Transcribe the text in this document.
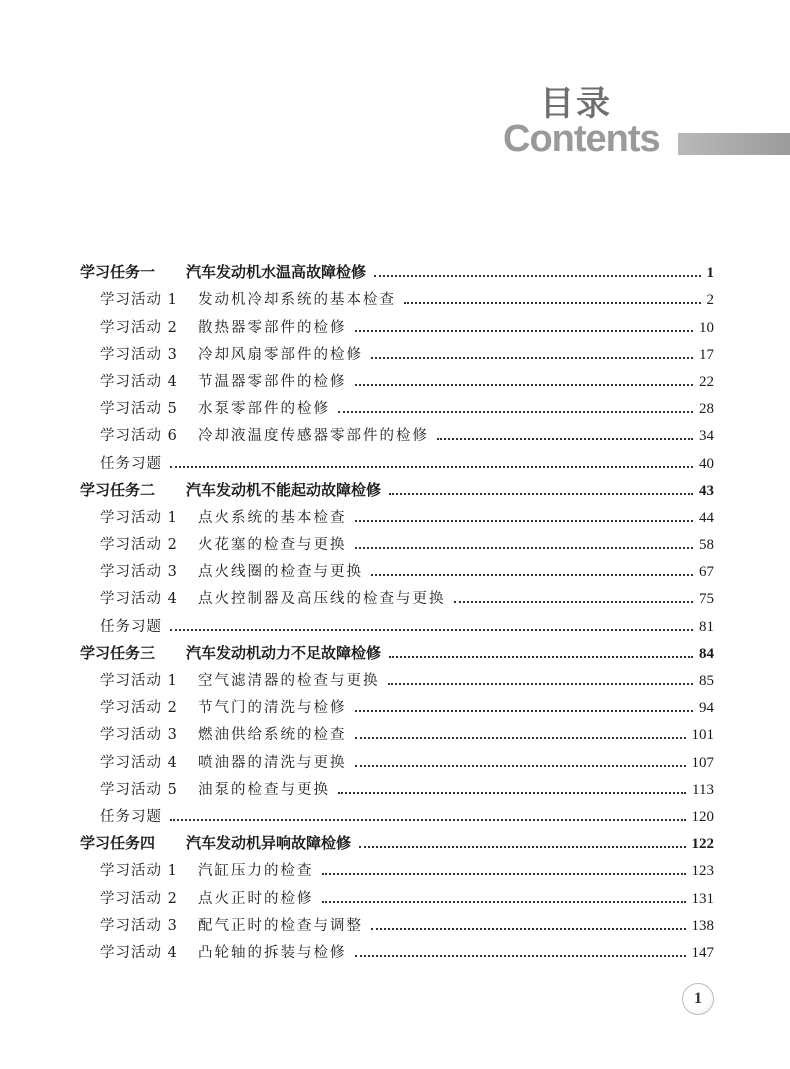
目录
Contents
学习任务一	汽车发动机水温高故障检修	1
学习活动 1	发动机冷却系统的基本检查	2
学习活动 2	散热器零部件的检修	10
学习活动 3	冷却风扇零部件的检修	17
学习活动 4	节温器零部件的检修	22
学习活动 5	水泵零部件的检修	28
学习活动 6	冷却液温度传感器零部件的检修	34
任务习题	40
学习任务二	汽车发动机不能起动故障检修	43
学习活动 1	点火系统的基本检查	44
学习活动 2	火花塞的检查与更换	58
学习活动 3	点火线圈的检查与更换	67
学习活动 4	点火控制器及高压线的检查与更换	75
任务习题	81
学习任务三	汽车发动机动力不足故障检修	84
学习活动 1	空气滤清器的检查与更换	85
学习活动 2	节气门的清洗与检修	94
学习活动 3	燃油供给系统的检查	101
学习活动 4	喷油器的清洗与更换	107
学习活动 5	油泵的检查与更换	113
任务习题	120
学习任务四	汽车发动机异响故障检修	122
学习活动 1	汽缸压力的检查	123
学习活动 2	点火正时的检修	131
学习活动 3	配气正时的检查与调整	138
学习活动 4	凸轮轴的拆装与检修	147
1
